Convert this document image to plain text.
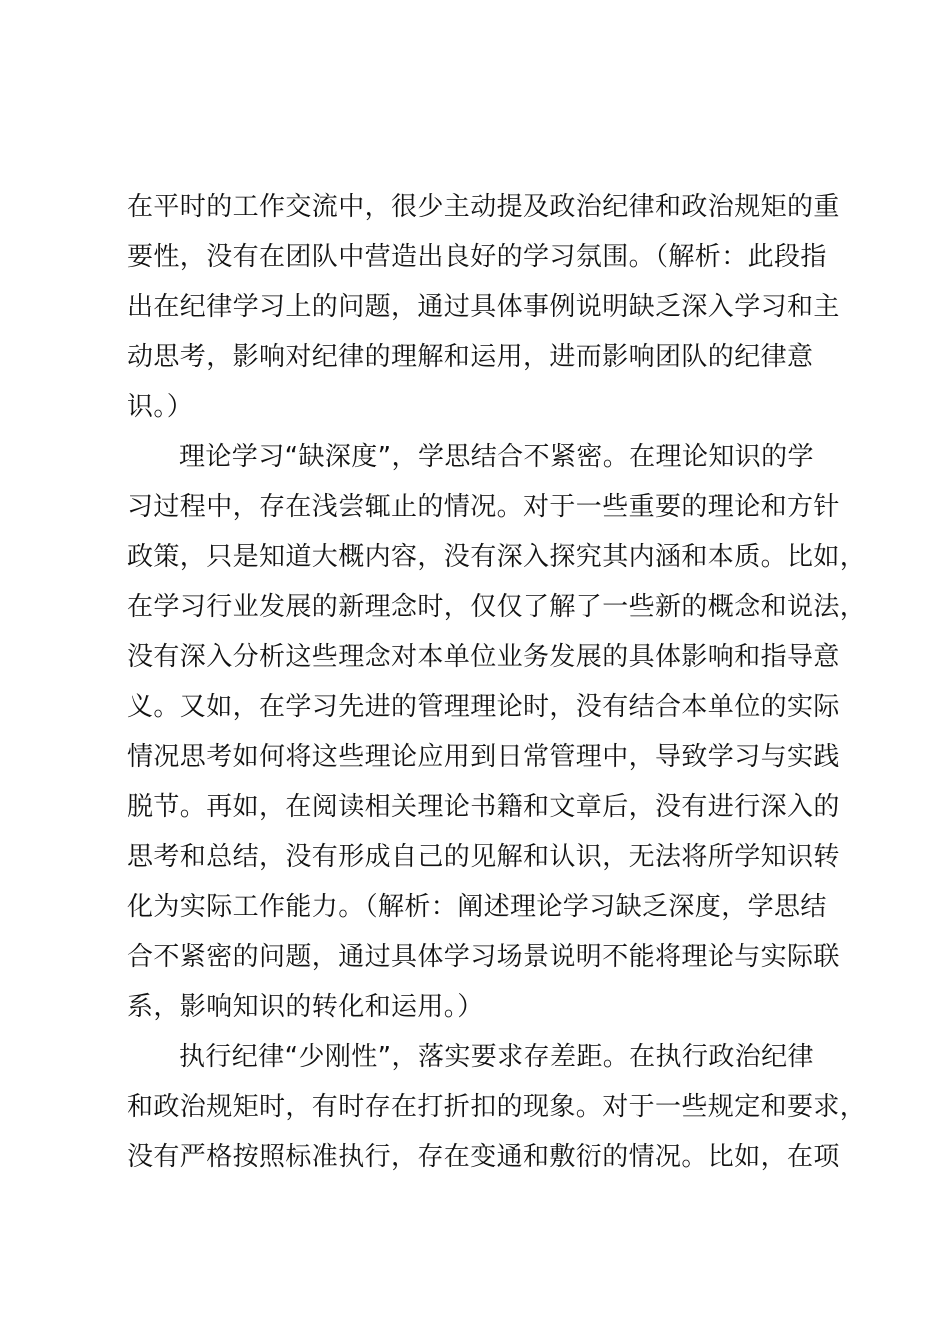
在平时的工作交流中，很少主动提及政治纪律和政治规矩的重
要性，没有在团队中营造出良好的学习氛围。（解析：此段指
出在纪律学习上的问题，通过具体事例说明缺乏深入学习和主
动思考，影响对纪律的理解和运用，进而影响团队的纪律意
识。）
理论学习“缺深度”，学思结合不紧密。在理论知识的学
习过程中，存在浅尝辄止的情况。对于一些重要的理论和方针
政策，只是知道大概内容，没有深入探究其内涵和本质。比如，
在学习行业发展的新理念时，仅仅了解了一些新的概念和说法，
没有深入分析这些理念对本单位业务发展的具体影响和指导意
义。又如，在学习先进的管理理论时，没有结合本单位的实际
情况思考如何将这些理论应用到日常管理中，导致学习与实践
脱节。再如，在阅读相关理论书籍和文章后，没有进行深入的
思考和总结，没有形成自己的见解和认识，无法将所学知识转
化为实际工作能力。（解析：阐述理论学习缺乏深度，学思结
合不紧密的问题，通过具体学习场景说明不能将理论与实际联
系，影响知识的转化和运用。）
执行纪律“少刚性”，落实要求存差距。在执行政治纪律
和政治规矩时，有时存在打折扣的现象。对于一些规定和要求，
没有严格按照标准执行，存在变通和敷衍的情况。比如，在项
